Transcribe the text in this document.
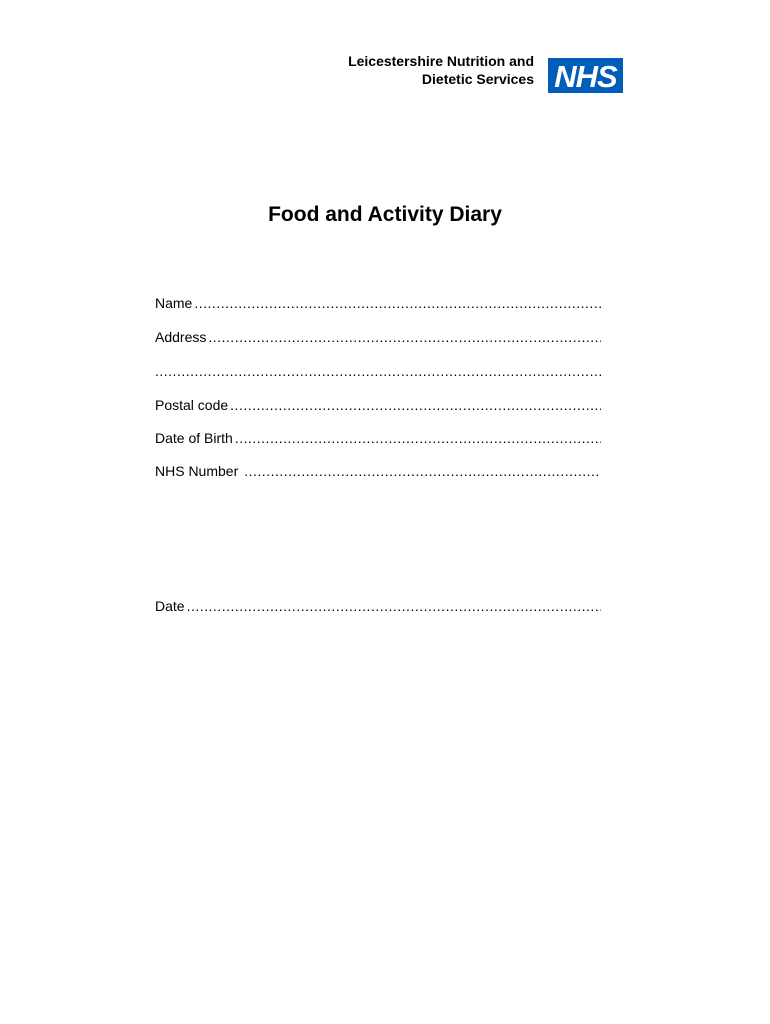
Leicestershire Nutrition and
Dietetic Services NHS
Food and Activity Diary
Name
.....
Address
.....
.....
Postal code
.....
Date of Birth
.....
NHS Number
.....
Date
.....
